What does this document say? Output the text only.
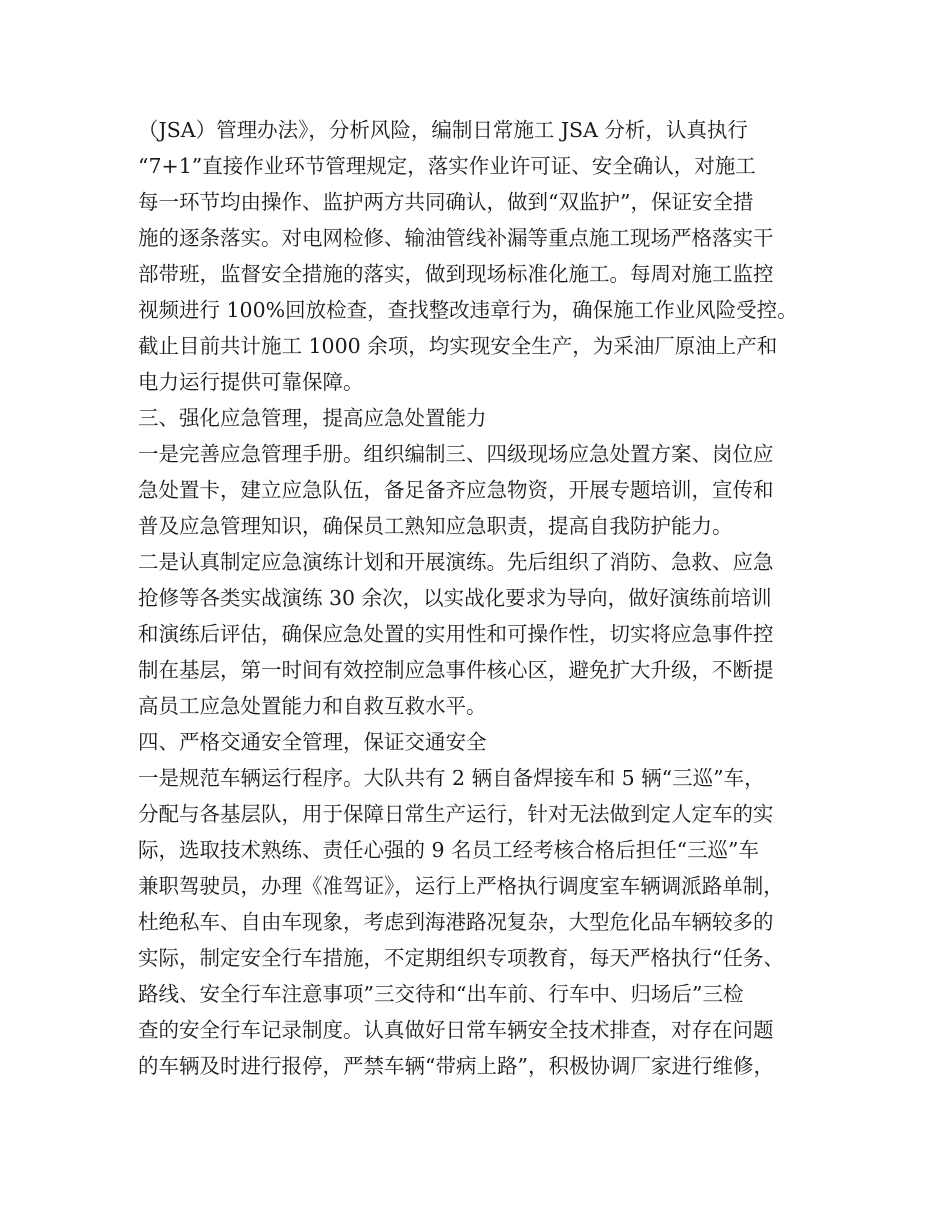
（JSA）管理办法》，分析风险，编制日常施工 JSA 分析，认真执行
“7+1”直接作业环节管理规定，落实作业许可证、安全确认，对施工
每一环节均由操作、监护两方共同确认，做到“双监护”，保证安全措
施的逐条落实。对电网检修、输油管线补漏等重点施工现场严格落实干
部带班，监督安全措施的落实，做到现场标准化施工。每周对施工监控
视频进行 100%回放检查，查找整改违章行为，确保施工作业风险受控。
截止目前共计施工 1000 余项，均实现安全生产，为采油厂原油上产和
电力运行提供可靠保障。
三、强化应急管理，提高应急处置能力
一是完善应急管理手册。组织编制三、四级现场应急处置方案、岗位应
急处置卡，建立应急队伍，备足备齐应急物资，开展专题培训，宣传和
普及应急管理知识，确保员工熟知应急职责，提高自我防护能力。
二是认真制定应急演练计划和开展演练。先后组织了消防、急救、应急
抢修等各类实战演练 30 余次，以实战化要求为导向，做好演练前培训
和演练后评估，确保应急处置的实用性和可操作性，切实将应急事件控
制在基层，第一时间有效控制应急事件核心区，避免扩大升级，不断提
高员工应急处置能力和自救互救水平。
四、严格交通安全管理，保证交通安全
一是规范车辆运行程序。大队共有 2 辆自备焊接车和 5 辆“三巡”车，
分配与各基层队，用于保障日常生产运行，针对无法做到定人定车的实
际，选取技术熟练、责任心强的 9 名员工经考核合格后担任“三巡”车
兼职驾驶员，办理《准驾证》，运行上严格执行调度室车辆调派路单制，
杜绝私车、自由车现象，考虑到海港路况复杂，大型危化品车辆较多的
实际，制定安全行车措施，不定期组织专项教育，每天严格执行“任务、
路线、安全行车注意事项”三交待和“出车前、行车中、归场后”三检
查的安全行车记录制度。认真做好日常车辆安全技术排查，对存在问题
的车辆及时进行报停，严禁车辆“带病上路”，积极协调厂家进行维修，
